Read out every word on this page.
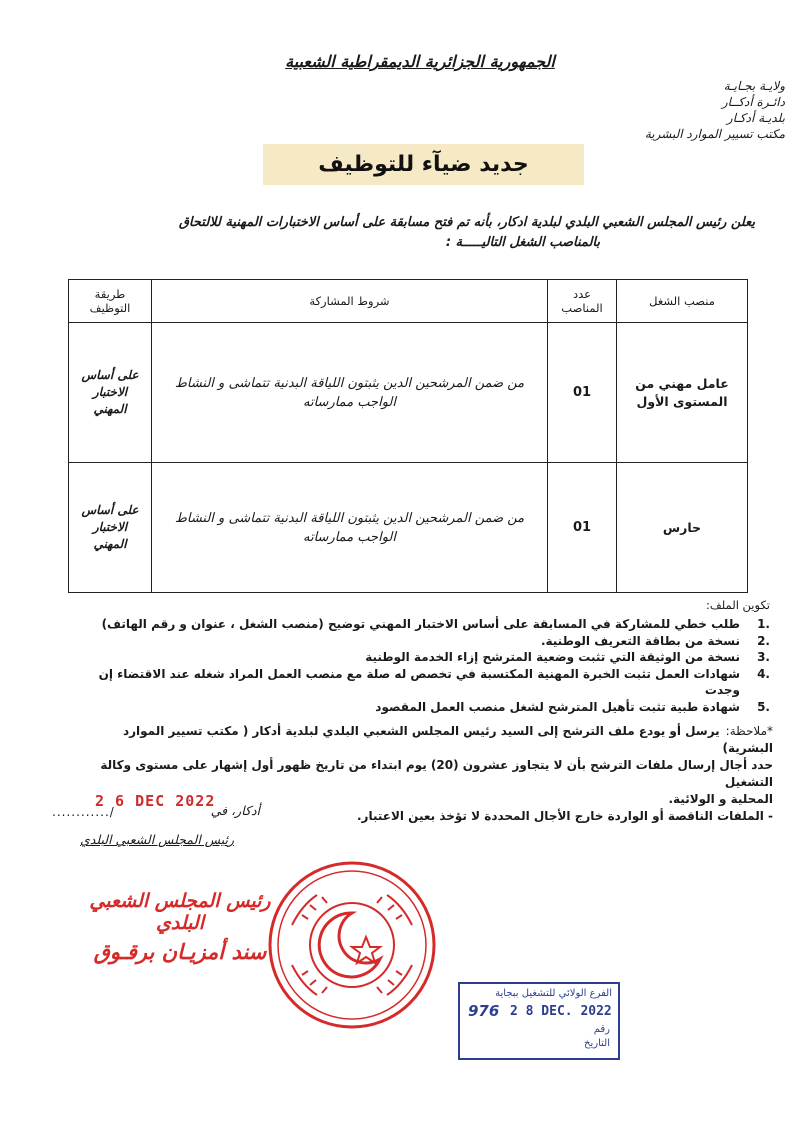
الجمهورية الجزائرية الديمقراطية الشعبية
ولايـة بجـايـة
دائـرة أدكــار
بلديـة أدكـار
مكتب تسيير الموارد البشرية
جديد ضيآء للتوظيف
يعلن رئيس المجلس الشعبي البلدي لبلدية ادكار، بأنه تم فتح مسابقة على أساس الاختبارات المهنية للالتحاق
بالمناصب الشغل التاليـــــة :
منصب الشغل	عدد المناصب	شروط المشاركة	طريقة التوظيف
عامل مهني من المستوى الأول	01	من ضمن المرشحين الدين يثبتون اللياقة البدنية تتماشى و النشاط الواجب ممارساته	على أساس الاختبار المهني
حارس	01	من ضمن المرشحين الدين يثبتون اللياقة البدنية تتماشى و النشاط الواجب ممارساته	على أساس الاختبار المهني
تكوين الملف:
1.
طلب خطي للمشاركة في المسابقة على أساس الاختبار المهني توضيح (منصب الشغل ، عنوان و رقم الهاتف)
2.
نسخة من بطاقة التعريف الوطنية.
3.
نسخة من الوثيقة التي تثبت وضعية المترشح إزاء الخدمة الوطنية
4.
شهادات العمل تثبت الخبرة المهنية المكتسبة في تخصص له صلة مع منصب العمل المراد شغله عند الاقتضاء إن وجدت
5.
شهادة طبية تثبت تأهيل المترشح لشغل منصب العمل المقصود
*ملاحظة:يرسل أو يودع ملف الترشح إلى السيد رئيس المجلس الشعبي البلدي لبلدية أدكار ( مكتب تسيير الموارد البشرية)
حدد أجال إرسال ملفات الترشح بأن لا يتجاوز عشرون (20) يوم ابتداء من تاريخ ظهور أول إشهار على مستوى وكالة التشغيل
المحلية و الولائية.
- الملفات الناقصة أو الواردة خارج الأجال المحددة لا تؤخذ بعين الاعتبار.
أدكار، في
............/
2 6 DEC 2022
رئيس المجلس الشعبي البلدي
رئيس المجلس الشعبي البلدي
سند أمزيـان برقـوق
الفرع الولائي للتشغيل ببجاية
976 2 8 DEC. 2022
رقم
التاريخ
